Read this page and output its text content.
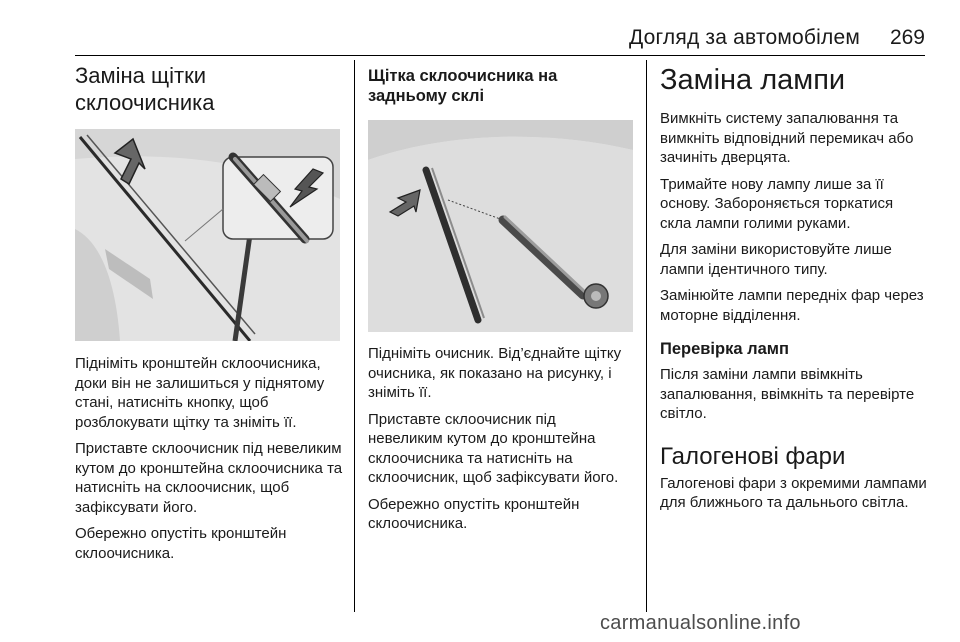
Догляд за автомобілем 269
Заміна щітки склоочисника

Підніміть кронштейн склоочисника, доки він не залишиться у піднятому стані, натисніть кнопку, щоб розблокувати щітку та зніміть її.

Приставте склоочисник під невеликим кутом до кронштейна склоочисника та натисніть на склоочисник, щоб зафіксувати його.

Обережно опустіть кронштейн склоочисника.

Щітка склоочисника на задньому склі

Підніміть очисник. Від’єднайте щітку очисника, як показано на рисунку, і зніміть її.

Приставте склоочисник під невеликим кутом до кронштейна склоочисника та натисніть на склоочисник, щоб зафіксувати його.

Обережно опустіть кронштейн склоочисника.

Заміна лампи

Вимкніть систему запалювання та вимкніть відповідний перемикач або зачиніть дверцята.

Тримайте нову лампу лише за її основу. Забороняється торкатися скла лампи голими руками.

Для заміни використовуйте лише лампи ідентичного типу.

Замінюйте лампи передніх фар через моторне відділення.

Перевірка ламп

Після заміни лампи ввімкніть запалювання, ввімкніть та перевірте світло.

Галогенові фари

Галогенові фари з окремими лампами для ближнього та дальнього світла.

carmanualsonline.info
